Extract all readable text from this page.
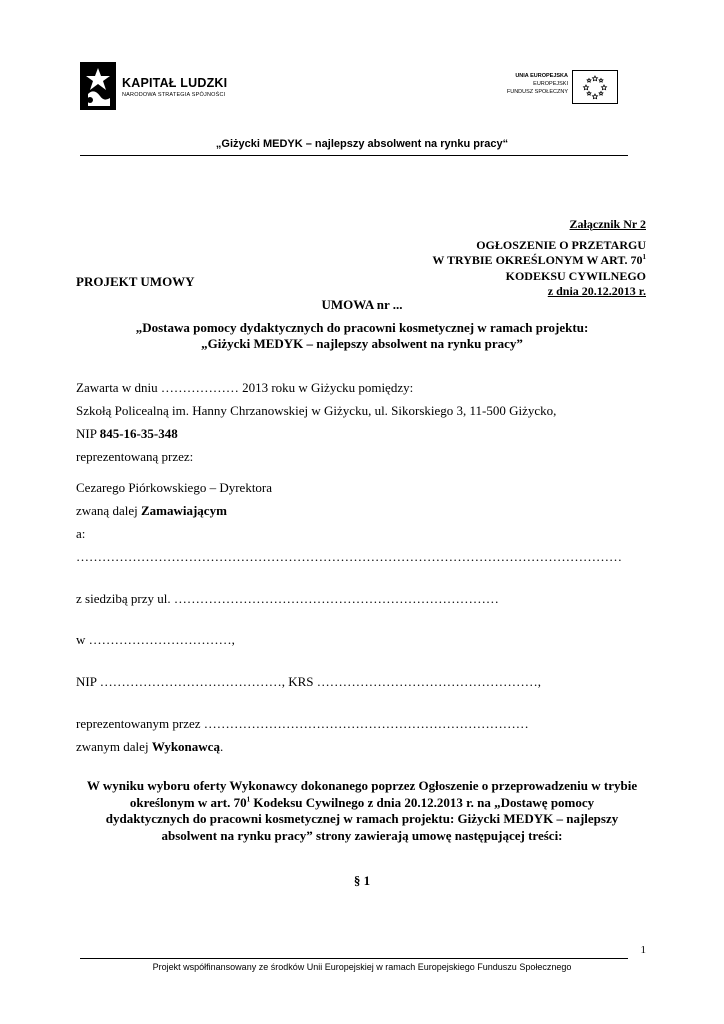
KAPITAŁ LUDZKI
NARODOWA STRATEGIA SPÓJNOŚCI
UNIA EUROPEJSKA
EUROPEJSKI
FUNDUSZ SPOŁECZNY
„Giżycki MEDYK – najlepszy absolwent na rynku pracy“
Załącznik Nr 2
OGŁOSZENIE O PRZETARGU
W TRYBIE OKREŚLONYM W ART. $70^1$
KODEKSU CYWILNEGO
z dnia 20.12.2013 r.
PROJEKT UMOWY
UMOWA nr ...
„Dostawa pomocy dydaktycznych do pracowni kosmetycznej w ramach projektu:
„Giżycki MEDYK – najlepszy absolwent na rynku pracy”
Zawarta w dniu ……………… 2013 roku w Giżycku pomiędzy:
Szkołą Policealną im. Hanny Chrzanowskiej w Giżycku, ul. Sikorskiego 3, 11-500 Giżycko,
NIP 845-16-35-348
reprezentowaną przez:
Cezarego Piórkowskiego – Dyrektora
zwaną dalej Zamawiającym
a:
………………………………………………………………………………………………………………
z siedzibą przy ul. …………………………………………………………………
w ……………………………,
NIP ……………………………………, KRS ……………………………………………,
reprezentowanym przez …………………………………………………………………
zwanym dalej Wykonawcą.
W wyniku wyboru oferty Wykonawcy dokonanego poprzez Ogłoszenie o przeprowadzeniu w trybie
określonym w art. $70^1$ Kodeksu Cywilnego z dnia 20.12.2013 r. na „Dostawę pomocy
dydaktycznych do pracowni kosmetycznej w ramach projektu: Giżycki MEDYK – najlepszy
absolwent na rynku pracy” strony zawierają umowę następującej treści:
§ 1
1
Projekt współfinansowany ze środków Unii Europejskiej w ramach Europejskiego Funduszu Społecznego
